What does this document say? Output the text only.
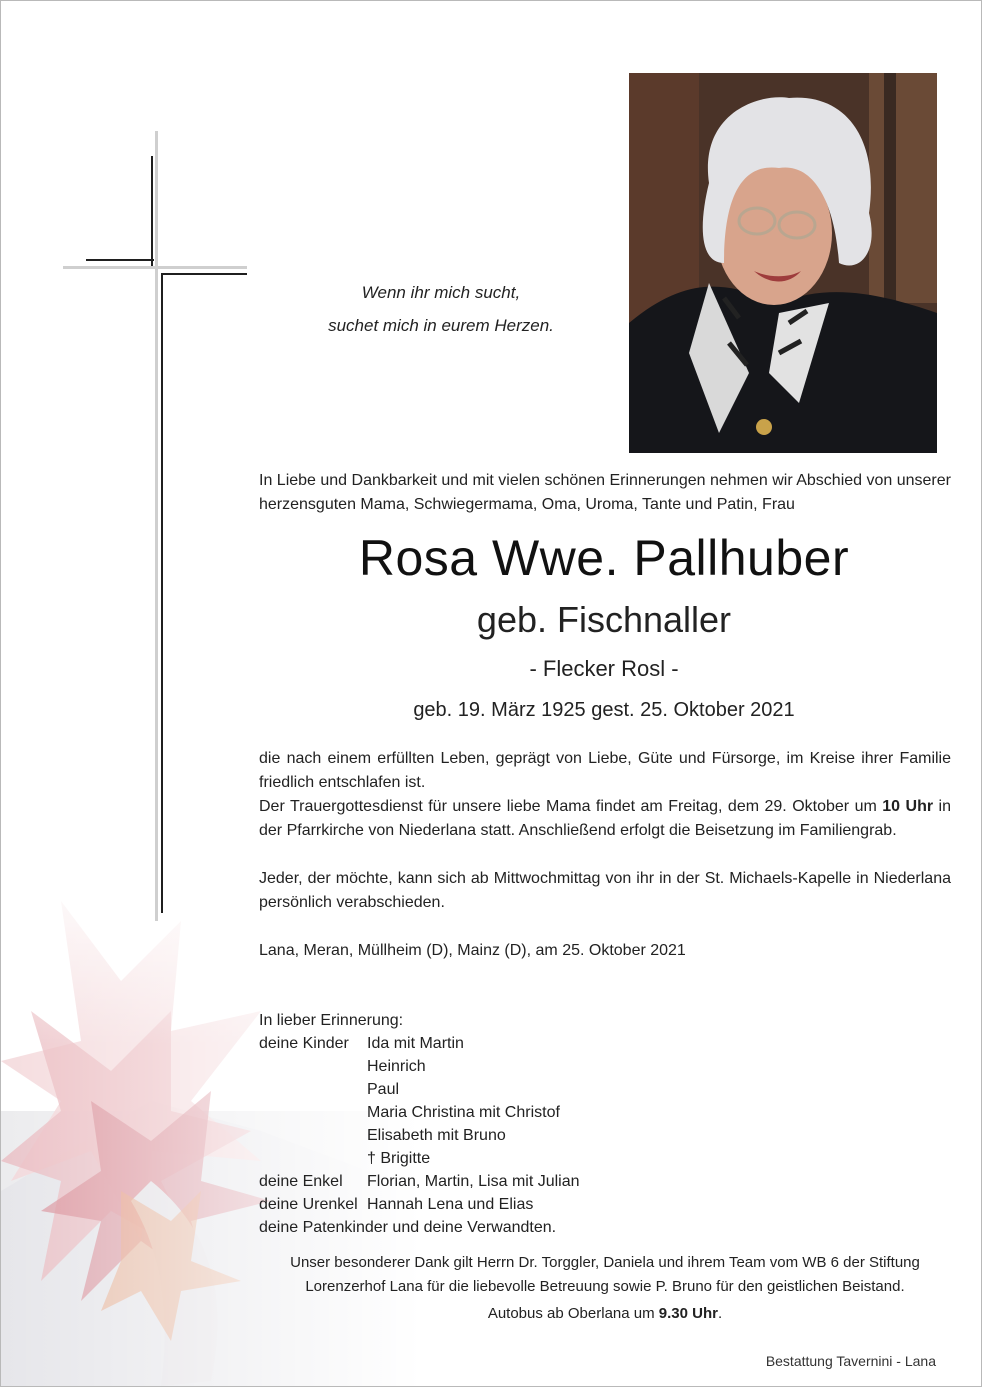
Wenn ihr mich sucht,
suchet mich in eurem Herzen.
In Liebe und Dankbarkeit und mit vielen schönen Erinnerungen nehmen wir Abschied von unserer herzensguten Mama, Schwiegermama, Oma, Uroma, Tante und Patin, Frau
Rosa Wwe. Pallhuber
geb. Fischnaller
- Flecker Rosl -
geb. 19. März 1925 gest. 25. Oktober 2021

die nach einem erfüllten Leben, geprägt von Liebe, Güte und Fürsorge, im Kreise ihrer Familie friedlich entschlafen ist.

Der Trauergottesdienst für unsere liebe Mama findet am Freitag, dem 29. Oktober um 10 Uhr in der Pfarrkirche von Niederlana statt. Anschließend erfolgt die Beisetzung im Familiengrab.

Jeder, der möchte, kann sich ab Mittwochmittag von ihr in der St. Michaels-Kapelle in Niederlana persönlich verabschieden.

Lana, Meran, Müllheim (D), Mainz (D), am 25. Oktober 2021

In lieber Erinnerung:
deine Kinder	Ida mit Martin
Heinrich
Paul
Maria Christina mit Christof
Elisabeth mit Bruno
† Brigitte
deine Enkel	Florian, Martin, Lisa mit Julian
deine Urenkel Hannah Lena und Elias
deine Patenkinder und deine Verwandten.
Unser besonderer Dank gilt Herrn Dr. Torggler, Daniela und ihrem Team vom WB 6 der Stiftung Lorenzerhof Lana für die liebevolle Betreuung sowie P. Bruno für den geistlichen Beistand.
Autobus ab Oberlana um 9.30 Uhr.
Bestattung Tavernini - Lana
